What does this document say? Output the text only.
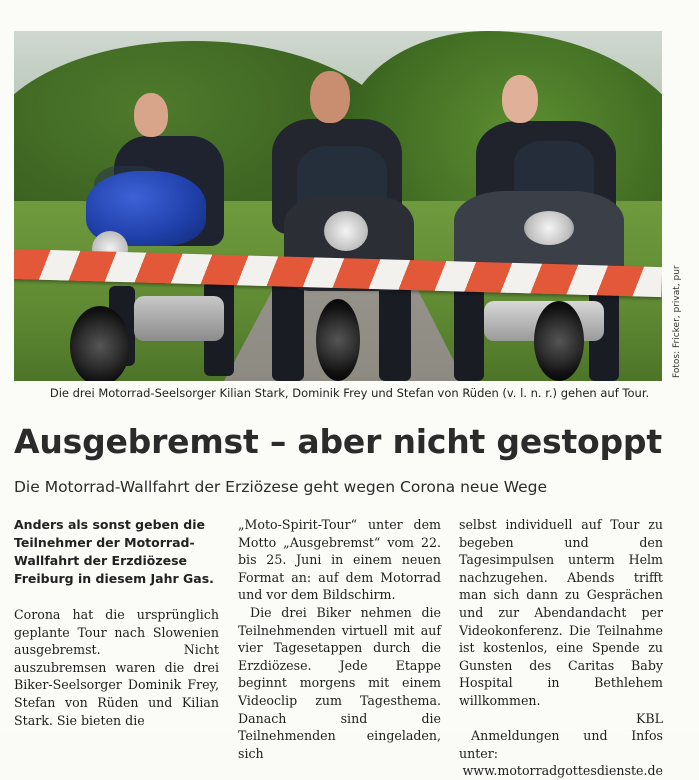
Fotos: Fricker, privat, pur
Die drei Motorrad-Seelsorger Kilian Stark, Dominik Frey und Stefan von Rüden (v. l. n. r.) gehen auf Tour.
Ausgebremst – aber nicht gestoppt
Die Motorrad-Wallfahrt der Erziözese geht wegen Corona neue Wege

Anders als sonst geben die Teilnehmer der Motorrad-Wallfahrt der Erzdiözese Freiburg in diesem Jahr Gas.

Corona hat die ursprünglich geplante Tour nach Slowenien ausgebremst. Nicht auszubremsen waren die drei Biker-Seelsorger Dominik Frey, Stefan von Rüden und Kilian Stark. Sie bieten die

„Moto-Spirit-Tour“ unter dem Motto „Ausgebremst“ vom 22. bis 25. Juni in einem neuen Format an: auf dem Motorrad und vor dem Bildschirm.

Die drei Biker nehmen die Teilnehmenden virtuell mit auf vier Tagesetappen durch die Erzdiözese. Jede Etappe beginnt morgens mit einem Videoclip zum Tagesthema. Danach sind die Teilnehmenden eingeladen, sich

selbst individuell auf Tour zu begeben und den Tagesimpulsen unterm Helm nachzugehen. Abends trifft man sich dann zu Gesprächen und zur Abendandacht per Videokonferenz. Die Teilnahme ist kostenlos, eine Spende zu Gunsten des Caritas Baby Hospital in Bethlehem willkommen.

KBL

Anmeldungen und Infos unter:

www.motorradgottesdienste.de
